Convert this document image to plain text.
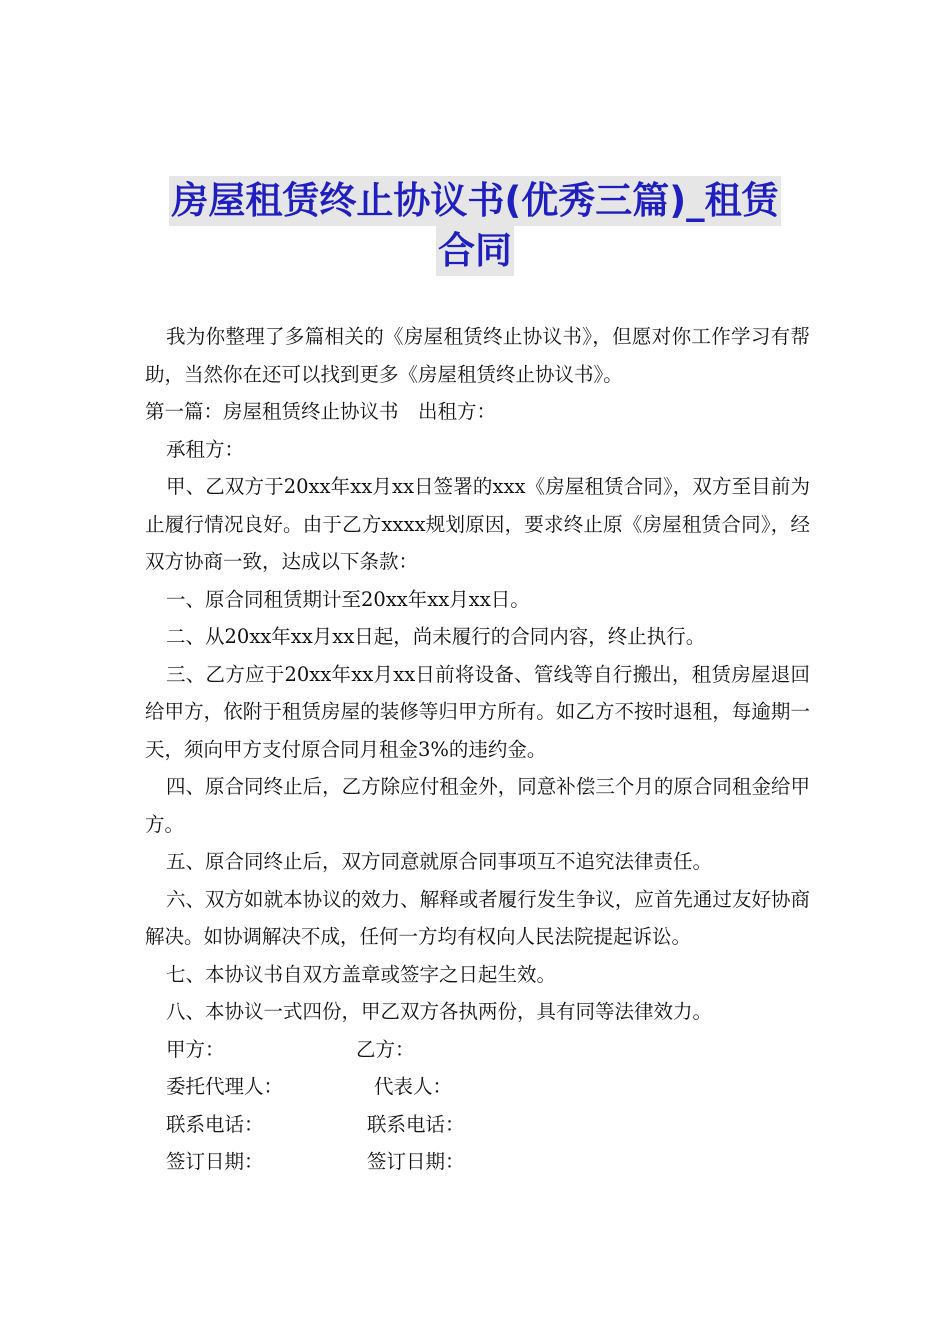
房屋租赁终止协议书(优秀三篇)_租赁
合同

我为你整理了多篇相关的《房屋租赁终止协议书》，但愿对你工作学习有帮助，当然你在还可以找到更多《房屋租赁终止协议书》。

第一篇：房屋租赁终止协议书　出租方：

承租方：

甲、乙双方于20xx年xx月xx日签署的xxx《房屋租赁合同》，双方至目前为止履行情况良好。由于乙方xxxx规划原因，要求终止原《房屋租赁合同》，经双方协商一致，达成以下条款：

一、原合同租赁期计至20xx年xx月xx日。

二、从20xx年xx月xx日起，尚未履行的合同内容，终止执行。

三、乙方应于20xx年xx月xx日前将设备、管线等自行搬出，租赁房屋退回给甲方，依附于租赁房屋的装修等归甲方所有。如乙方不按时退租，每逾期一天，须向甲方支付原合同月租金3%的违约金。

四、原合同终止后，乙方除应付租金外，同意补偿三个月的原合同租金给甲方。

五、原合同终止后，双方同意就原合同事项互不追究法律责任。

六、双方如就本协议的效力、解释或者履行发生争议，应首先通过友好协商解决。如协调解决不成，任何一方均有权向人民法院提起诉讼。

七、本协议书自双方盖章或签字之日起生效。

八、本协议一式四份，甲乙双方各执两份，具有同等法律效力。

甲方：	乙方：
委托代理人：	代表人：
联系电话：	联系电话：
签订日期：	签订日期：
